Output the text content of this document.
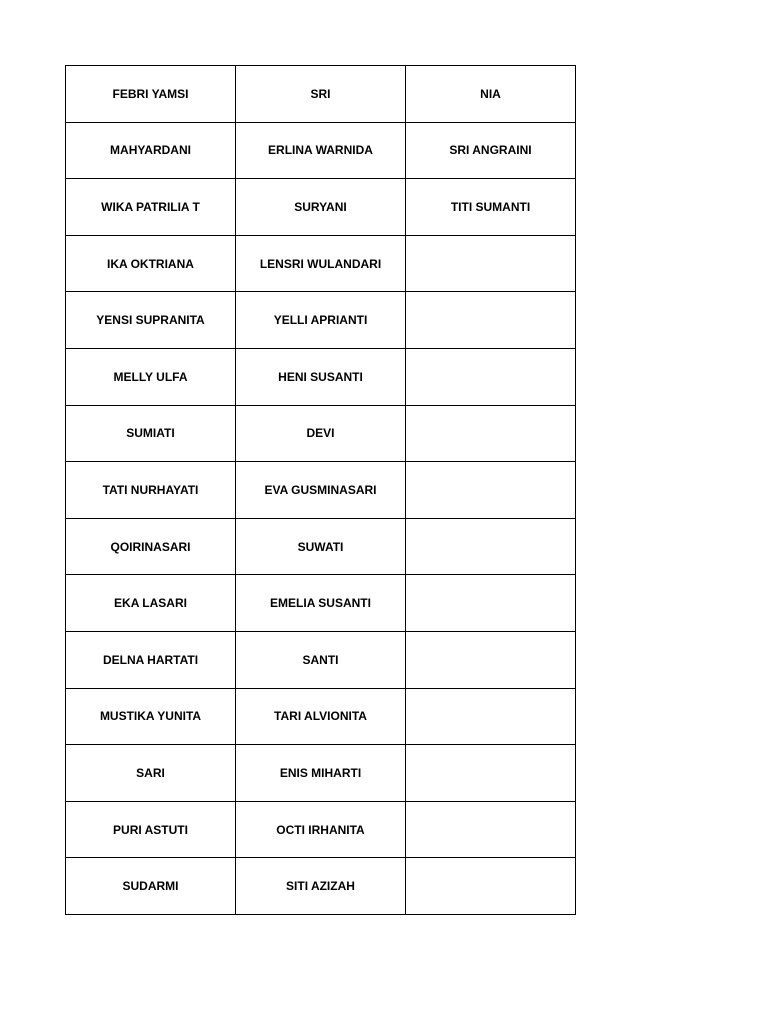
FEBRI YAMSI	SRI	NIA
MAHYARDANI	ERLINA WARNIDA	SRI ANGRAINI
WIKA PATRILIA T	SURYANI	TITI SUMANTI
IKA OKTRIANA	LENSRI WULANDARI	
YENSI SUPRANITA	YELLI APRIANTI	
MELLY ULFA	HENI SUSANTI	
SUMIATI	DEVI	
TATI NURHAYATI	EVA GUSMINASARI	
QOIRINASARI	SUWATI	
EKA LASARI	EMELIA SUSANTI	
DELNA HARTATI	SANTI	
MUSTIKA YUNITA	TARI ALVIONITA	
SARI	ENIS MIHARTI	
PURI ASTUTI	OCTI IRHANITA	
SUDARMI	SITI AZIZAH	
